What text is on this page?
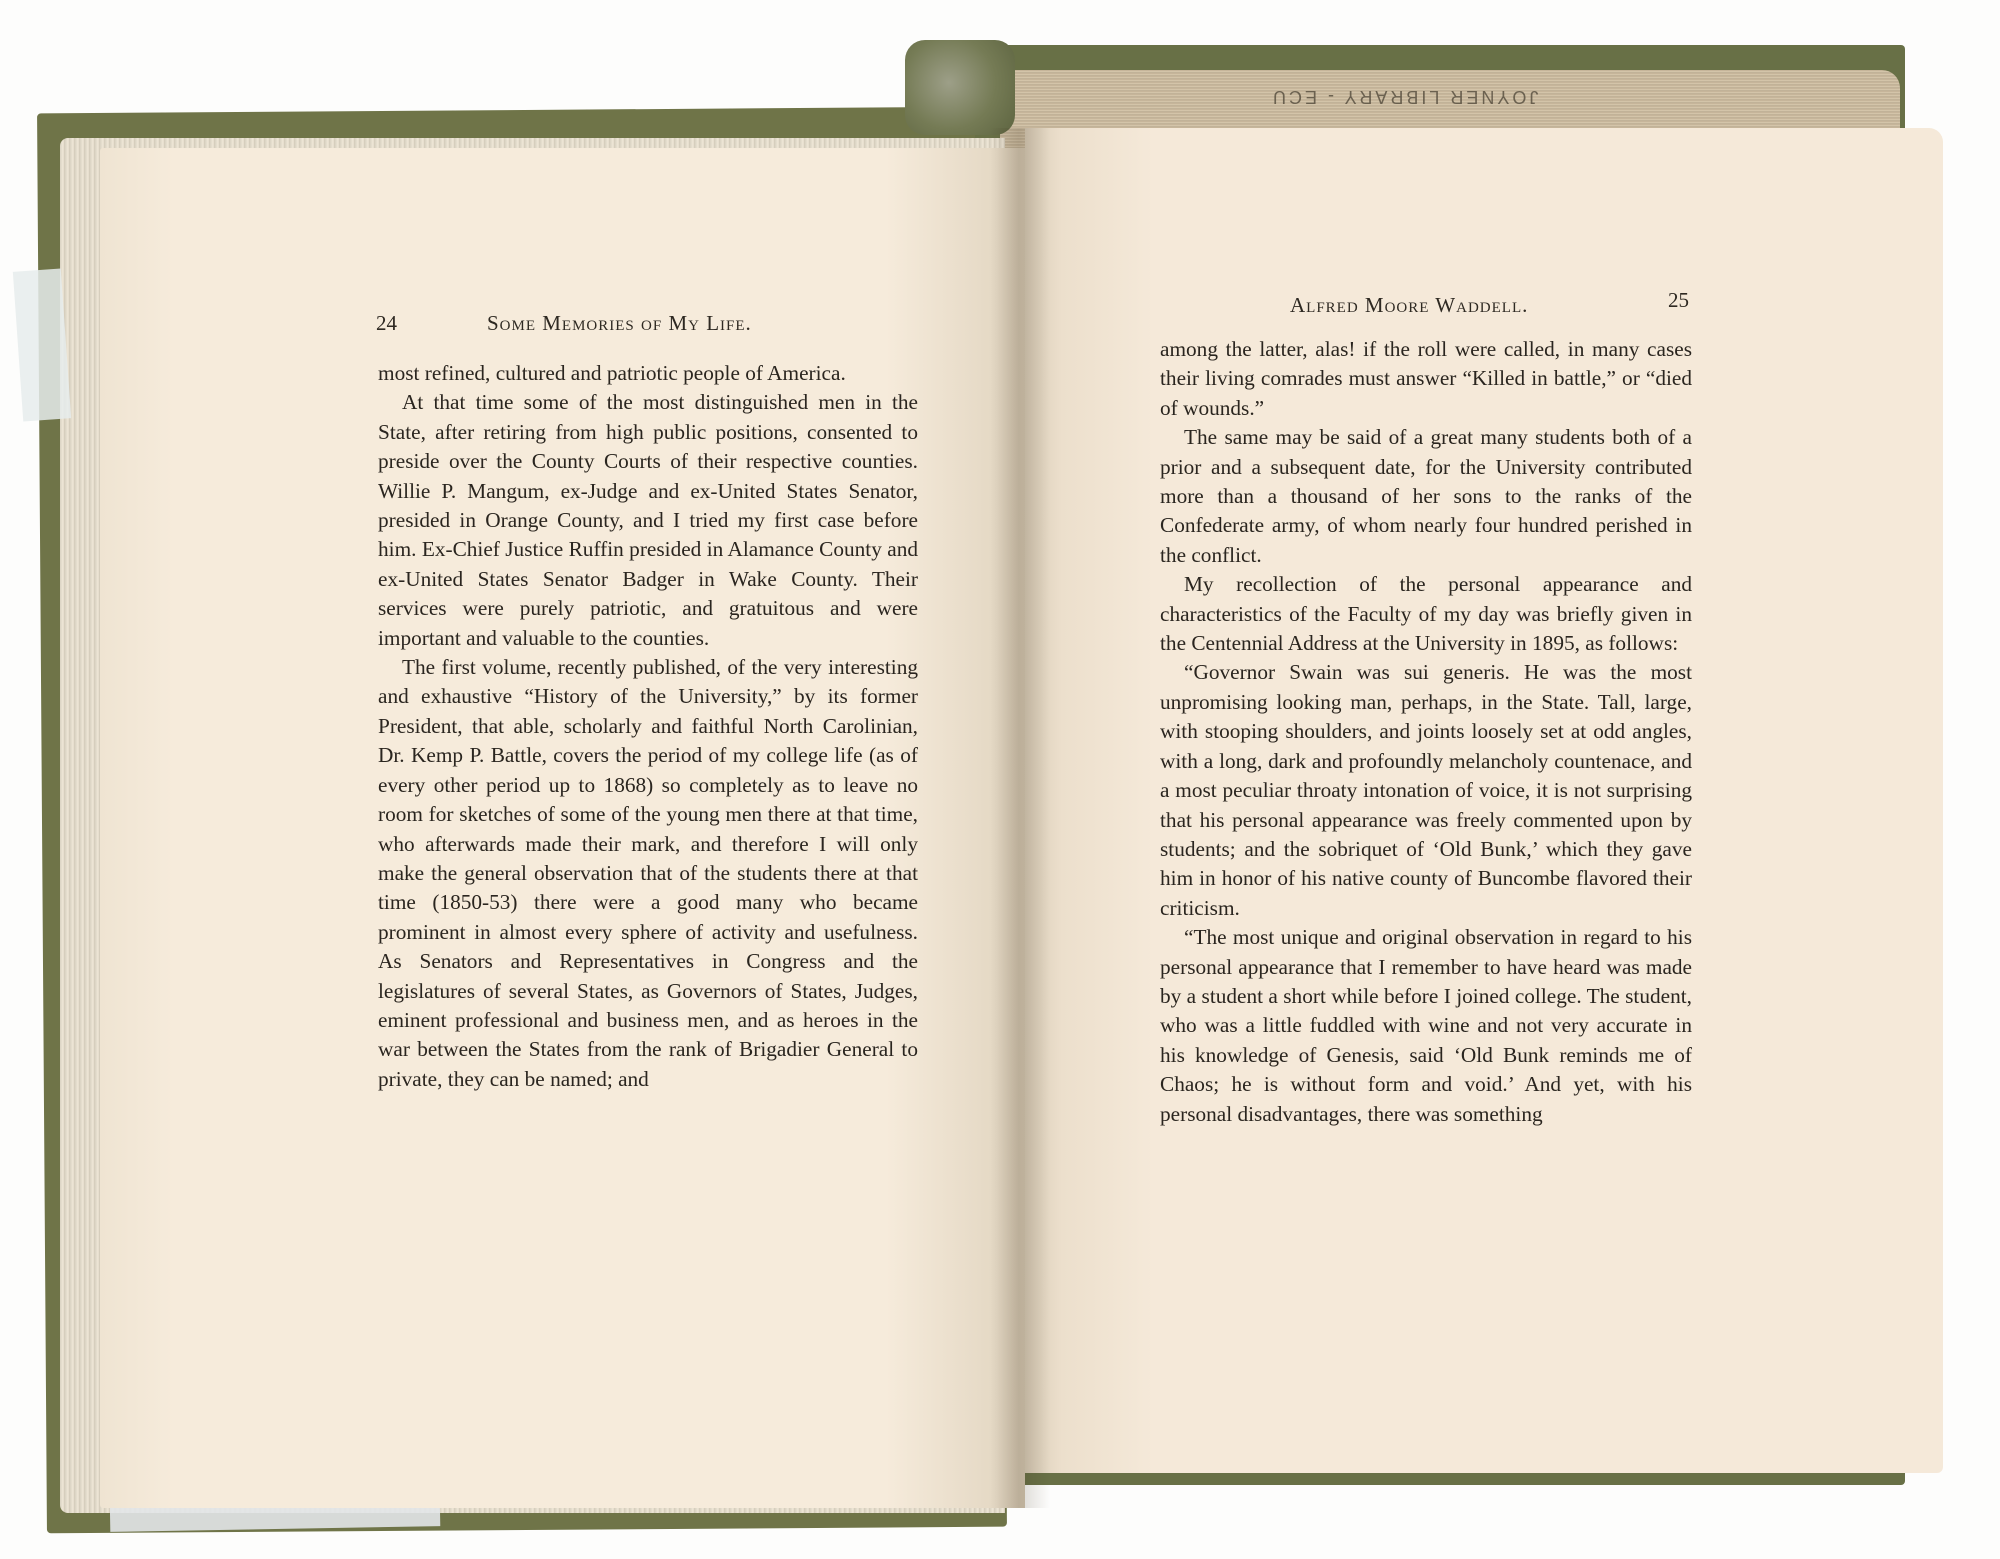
JOYNER LIBRARY - ECU
24	Some Memories of My Life.

most refined, cultured and patriotic people of America.

At that time some of the most distinguished men in the State, after retiring from high public positions, consented to preside over the County Courts of their respective counties. Willie P. Mangum, ex-Judge and ex-United States Senator, presided in Orange County, and I tried my first case before him. Ex-Chief Justice Ruffin presided in Alamance County and ex-United States Senator Badger in Wake County. Their services were purely patriotic, and gratuitous and were important and valuable to the counties.

The first volume, recently published, of the very interesting and exhaustive “History of the University,” by its former President, that able, scholarly and faithful North Carolinian, Dr. Kemp P. Battle, covers the period of my college life (as of every other period up to 1868) so completely as to leave no room for sketches of some of the young men there at that time, who afterwards made their mark, and therefore I will only make the general observation that of the students there at that time (1850-53) there were a good many who became prominent in almost every sphere of activity and usefulness. As Senators and Representatives in Congress and the legislatures of several States, as Governors of States, Judges, eminent professional and business men, and as heroes in the war between the States from the rank of Brigadier General to private, they can be named; and

Alfred Moore Waddell.	25

among the latter, alas! if the roll were called, in many cases their living comrades must answer “Killed in battle,” or “died of wounds.”

The same may be said of a great many students both of a prior and a subsequent date, for the University contributed more than a thousand of her sons to the ranks of the Confederate army, of whom nearly four hundred perished in the conflict.

My recollection of the personal appearance and characteristics of the Faculty of my day was briefly given in the Centennial Address at the University in 1895, as follows:

“Governor Swain was sui generis. He was the most unpromising looking man, perhaps, in the State. Tall, large, with stooping shoulders, and joints loosely set at odd angles, with a long, dark and profoundly melancholy countenace, and a most peculiar throaty intonation of voice, it is not surprising that his personal appearance was freely commented upon by students; and the sobriquet of ‘Old Bunk,’ which they gave him in honor of his native county of Buncombe flavored their criticism.

“The most unique and original observation in regard to his personal appearance that I remember to have heard was made by a student a short while before I joined college. The student, who was a little fuddled with wine and not very accurate in his knowledge of Genesis, said ‘Old Bunk reminds me of Chaos; he is without form and void.’ And yet, with his personal disadvantages, there was something
